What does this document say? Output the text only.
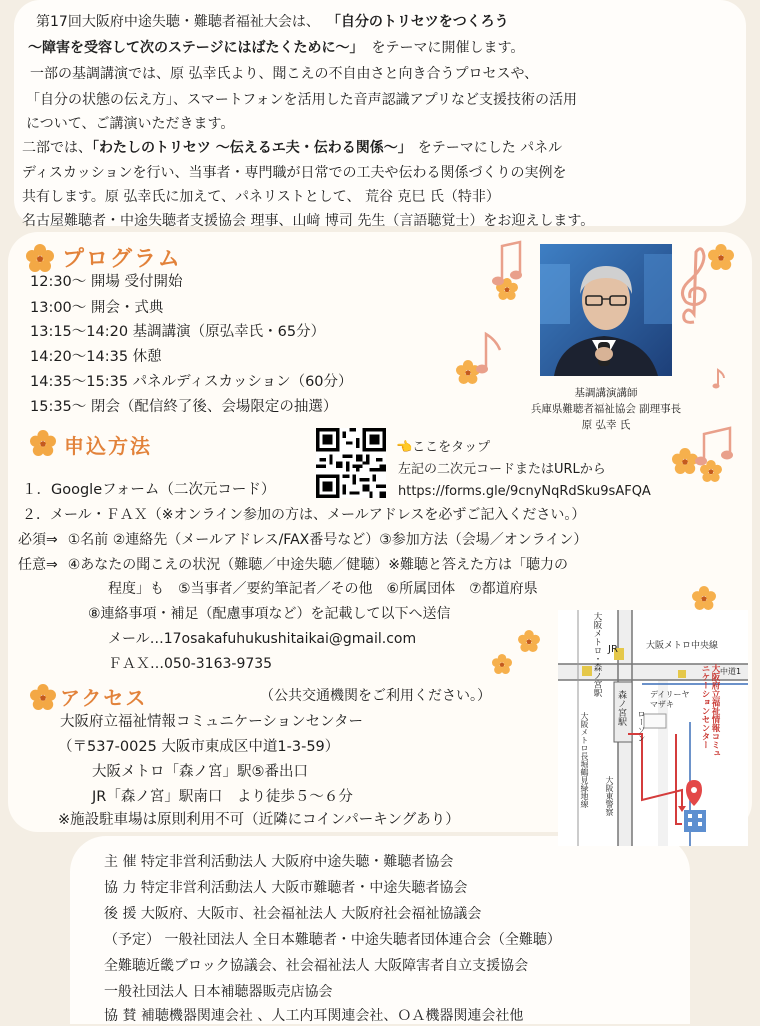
第17回大阪府中途失聴・難聴者福祉大会は、 「自分のトリセツをつくろう
〜障害を受容して次のステージにはばたくために〜」 をテーマに開催します。
一部の基調講演では、原 弘幸氏より、聞こえの不自由さと向き合うプロセスや、
「自分の状態の伝え方」、スマートフォンを活用した音声認識アプリなど支援技術の活用
について、ご講演いただきます。
二部では、「わたしのトリセツ 〜伝えるエ夫・伝わる関係〜」 をテーマにした パネル
ディスカッションを行い、当事者・専門職が日常での工夫や伝わる関係づくりの実例を
共有します。原 弘幸氏に加えて、パネリストとして、 荒谷 克巳 氏（特非）
名古屋難聴者・中途失聴者支援協会 理事、山﨑 博司 先生（言語聴覚士）をお迎えします。
プログラム
12:30〜 開場 受付開始
13:00〜 開会・式典
13:15〜14:20 基調講演（原弘幸氏・65分）
14:20〜14:35 休憩
14:35〜15:35 パネルディスカッション（60分）
15:35〜 閉会（配信終了後、会場限定の抽選）
基調講演講師
兵庫県難聴者福祉協会 副理事長
原 弘幸 氏
申込方法	👈ここをタップ
左記の二次元コードまたはURLから
https://forms.gle/9cnyNqRdSku9sAFQA
１．Googleフォーム（二次元コード）
２．メール・ＦＡＸ（※オンライン参加の方は、メールアドレスを必ずご記入ください。）
必須⇒ ①名前 ②連絡先（メールアドレス/FAX番号など）③参加方法（会場／オンライン）
任意⇒ ④あなたの聞こえの状況（難聴／中途失聴／健聴）※難聴と答えた方は「聴力の
程度」も　⑤当事者／要約筆記者／その他　⑥所属団体　⑦都道府県
⑧連絡事項・補足（配慮事項など）を記載して以下へ送信
メール…17osakafuhukushitaikai@gmail.com
ＦＡＸ…050-3163-9735	大阪メトロ・森ノ宮駅 JR	大阪メトロ中央線
中道1
森ノ宮駅	デイリーヤマザキ
ローソン
大阪メトロ長堀鶴見緑地線 大阪東警察
大阪府立福祉情報コミュニケーションセンター
アクセス	（公共交通機関をご利用ください。）
大阪府立福祉情報コミュニケーションセンター
（〒537-0025 大阪市東成区中道1-3-59）
大阪メトロ「森ノ宮」駅⑤番出口
JR「森ノ宮」駅南口　より徒歩５〜６分
※施設駐車場は原則利用不可（近隣にコインパーキングあり）
主 催 特定非営利活動法人 大阪府中途失聴・難聴者協会
協 力 特定非営利活動法人 大阪市難聴者・中途失聴者協会
後 援 大阪府、大阪市、社会福祉法人 大阪府社会福祉協議会
（予定） 一般社団法人 全日本難聴者・中途失聴者団体連合会（全難聴）
全難聴近畿ブロック協議会、社会福祉法人 大阪障害者自立支援協会
一般社団法人 日本補聴器販売店協会
協 賛 補聴機器関連会社 、人工内耳関連会社、ＯＡ機器関連会社他
